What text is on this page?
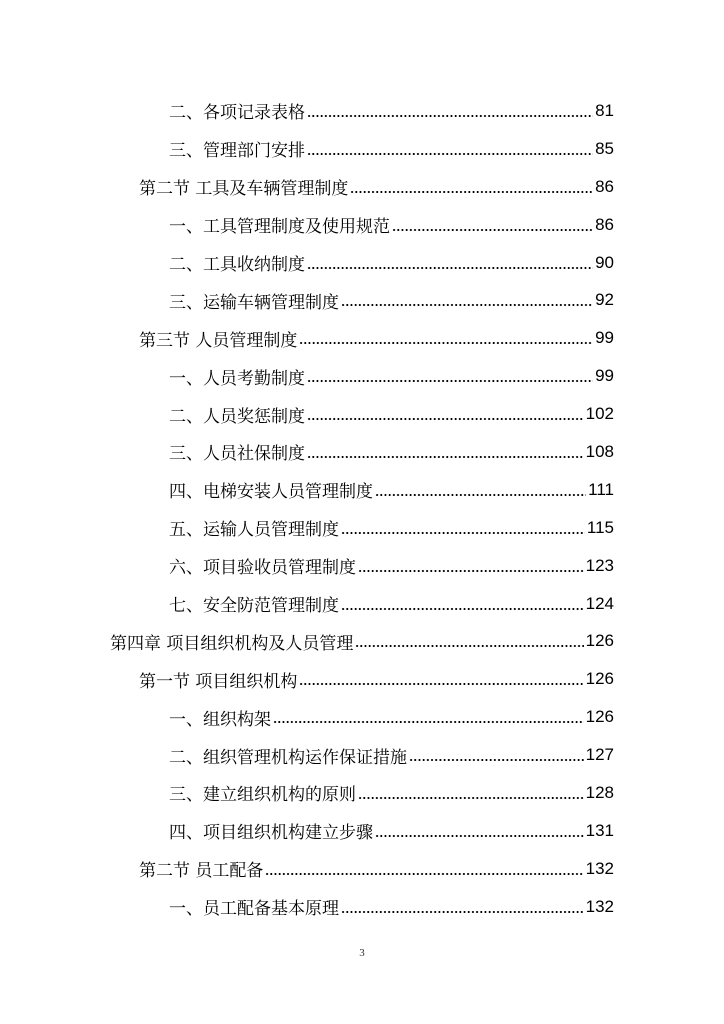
二、各项记录表格	81
三、管理部门安排	85
第二节 工具及车辆管理制度	86
一、工具管理制度及使用规范	86
二、工具收纳制度	90
三、运输车辆管理制度	92
第三节 人员管理制度	99
一、人员考勤制度	99
二、人员奖惩制度	102
三、人员社保制度	108
四、电梯安装人员管理制度	111
五、运输人员管理制度	115
六、项目验收员管理制度	123
七、安全防范管理制度	124
第四章 项目组织机构及人员管理	126
第一节 项目组织机构	126
一、组织构架	126
二、组织管理机构运作保证措施	127
三、建立组织机构的原则	128
四、项目组织机构建立步骤	131
第二节 员工配备	132
一、员工配备基本原理	132
3
